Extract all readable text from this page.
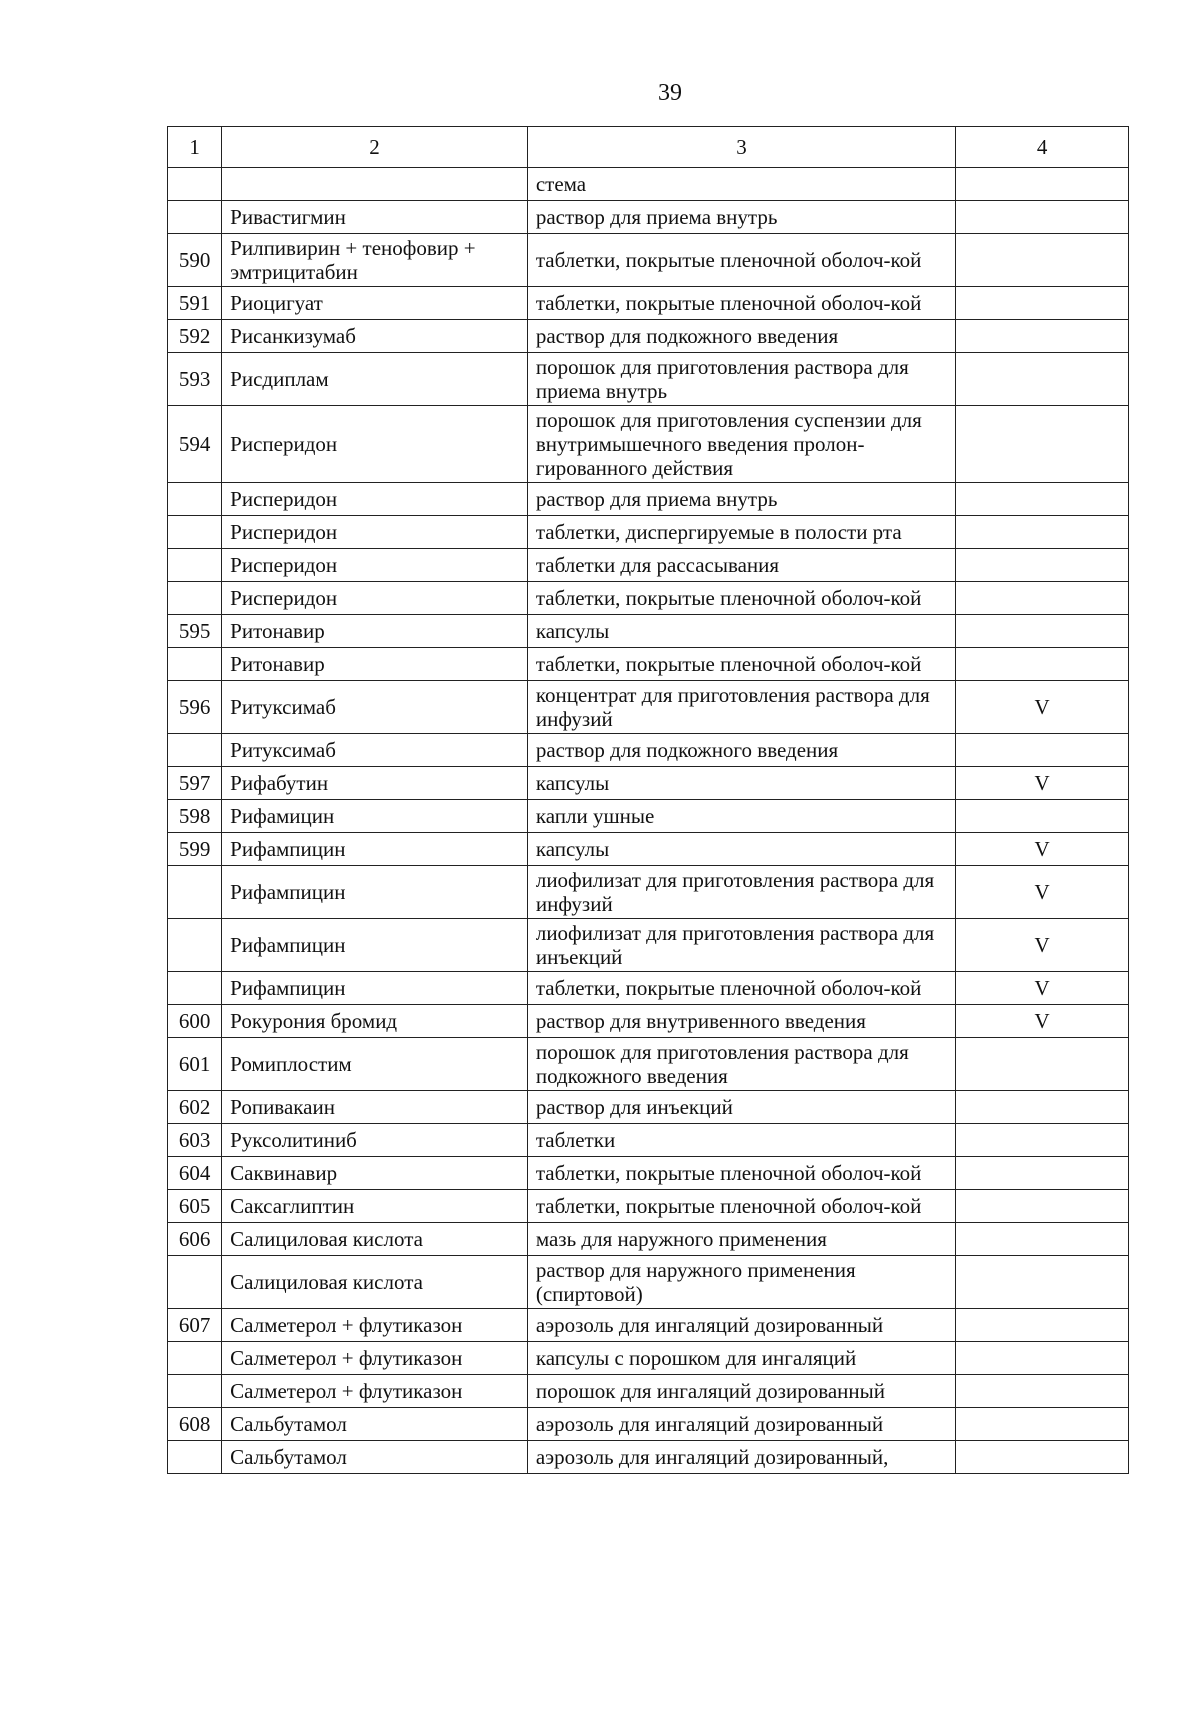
39
1	2	3	4
		стема	
	Ривастигмин	раствор для приема внутрь	
590	Рилпивирин + тенофовир + эмтрицитабин	таблетки, покрытые пленочной оболоч-кой	
591	Риоцигуат	таблетки, покрытые пленочной оболоч-кой	
592	Рисанкизумаб	раствор для подкожного введения	
593	Рисдиплам	порошок для приготовления раствора для приема внутрь	
594	Рисперидон	порошок для приготовления суспензии для внутримышечного введения пролон-гированного действия	
	Рисперидон	раствор для приема внутрь	
	Рисперидон	таблетки, диспергируемые в полости рта	
	Рисперидон	таблетки для рассасывания	
	Рисперидон	таблетки, покрытые пленочной оболоч-кой	
595	Ритонавир	капсулы	
	Ритонавир	таблетки, покрытые пленочной оболоч-кой	
596	Ритуксимаб	концентрат для приготовления раствора для инфузий	V
	Ритуксимаб	раствор для подкожного введения	
597	Рифабутин	капсулы	V
598	Рифамицин	капли ушные	
599	Рифампицин	капсулы	V
	Рифампицин	лиофилизат для приготовления раствора для инфузий	V
	Рифампицин	лиофилизат для приготовления раствора для инъекций	V
	Рифампицин	таблетки, покрытые пленочной оболоч-кой	V
600	Рокурония бромид	раствор для внутривенного введения	V
601	Ромиплостим	порошок для приготовления раствора для подкожного введения	
602	Ропивакаин	раствор для инъекций	
603	Руксолитиниб	таблетки	
604	Саквинавир	таблетки, покрытые пленочной оболоч-кой	
605	Саксаглиптин	таблетки, покрытые пленочной оболоч-кой	
606	Салициловая кислота	мазь для наружного применения	
	Салициловая кислота	раствор для наружного применения (спиртовой)	
607	Салметерол + флутиказон	аэрозоль для ингаляций дозированный	
	Салметерол + флутиказон	капсулы с порошком для ингаляций	
	Салметерол + флутиказон	порошок для ингаляций дозированный	
608	Сальбутамол	аэрозоль для ингаляций дозированный	
	Сальбутамол	аэрозоль для ингаляций дозированный,	
